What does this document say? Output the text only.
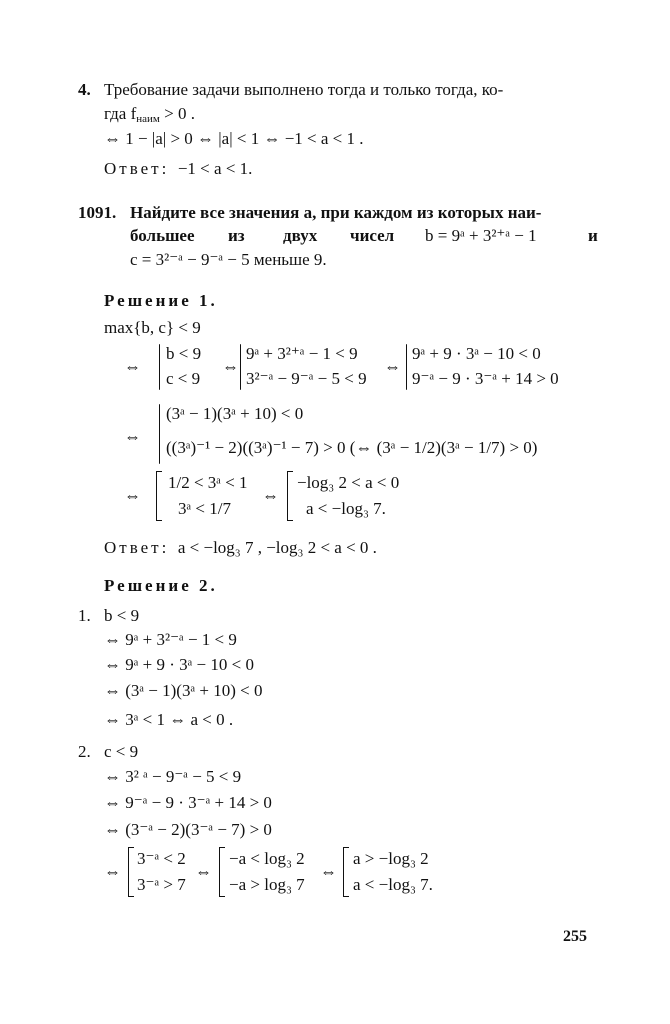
4. Требование задачи выполнено тогда и только тогда, ко-
гда $f_{наим} > 0$ .
⇔ 1 − |a| > 0 ⇔ |a| < 1 ⇔ −1 < a < 1 .
Ответ: −1 < a < 1.
1091. Найдите все значения a, при каждом из которых наи-
большее из двух чисел b = 9ᵃ + 3²⁺ᵃ − 1	и
c = 3²⁻ᵃ − 9⁻ᵃ − 5 меньше 9.
Решение 1.
max{b, c} < 9
⇔
b < 9
c < 9
⇔
9ᵃ + 3²⁺ᵃ − 1 < 9
3²⁻ᵃ − 9⁻ᵃ − 5 < 9
⇔
9ᵃ + 9 · 3ᵃ − 10 < 0
9⁻ᵃ − 9 · 3⁻ᵃ + 14 > 0
⇔
(3ᵃ − 1)(3ᵃ + 10) < 0
((3ᵃ)⁻¹ − 2)((3ᵃ)⁻¹ − 7) > 0 (⇔ (3ᵃ − 1/2)(3ᵃ − 1/7) > 0)
⇔
1/2 < 3ᵃ < 1
3ᵃ < 1/7
⇔
−log₃ 2 < a < 0
a < −log₃ 7.
Ответ: a < −log₃ 7 , −log₃ 2 < a < 0 .
Решение 2.
1. b < 9
⇔ 9ᵃ + 3²⁻ᵃ − 1 < 9
⇔ 9ᵃ + 9 · 3ᵃ − 10 < 0
⇔ (3ᵃ − 1)(3ᵃ + 10) < 0
⇔ 3ᵃ < 1 ⇔ a < 0 .
2. c < 9
⇔ 3² ᵃ − 9⁻ᵃ − 5 < 9
⇔ 9⁻ᵃ − 9 · 3⁻ᵃ + 14 > 0
⇔ (3⁻ᵃ − 2)(3⁻ᵃ − 7) > 0
⇔
3⁻ᵃ < 2
3⁻ᵃ > 7
⇔
−a < log₃ 2
−a > log₃ 7
⇔
a > −log₃ 2
a < −log₃ 7.
255
